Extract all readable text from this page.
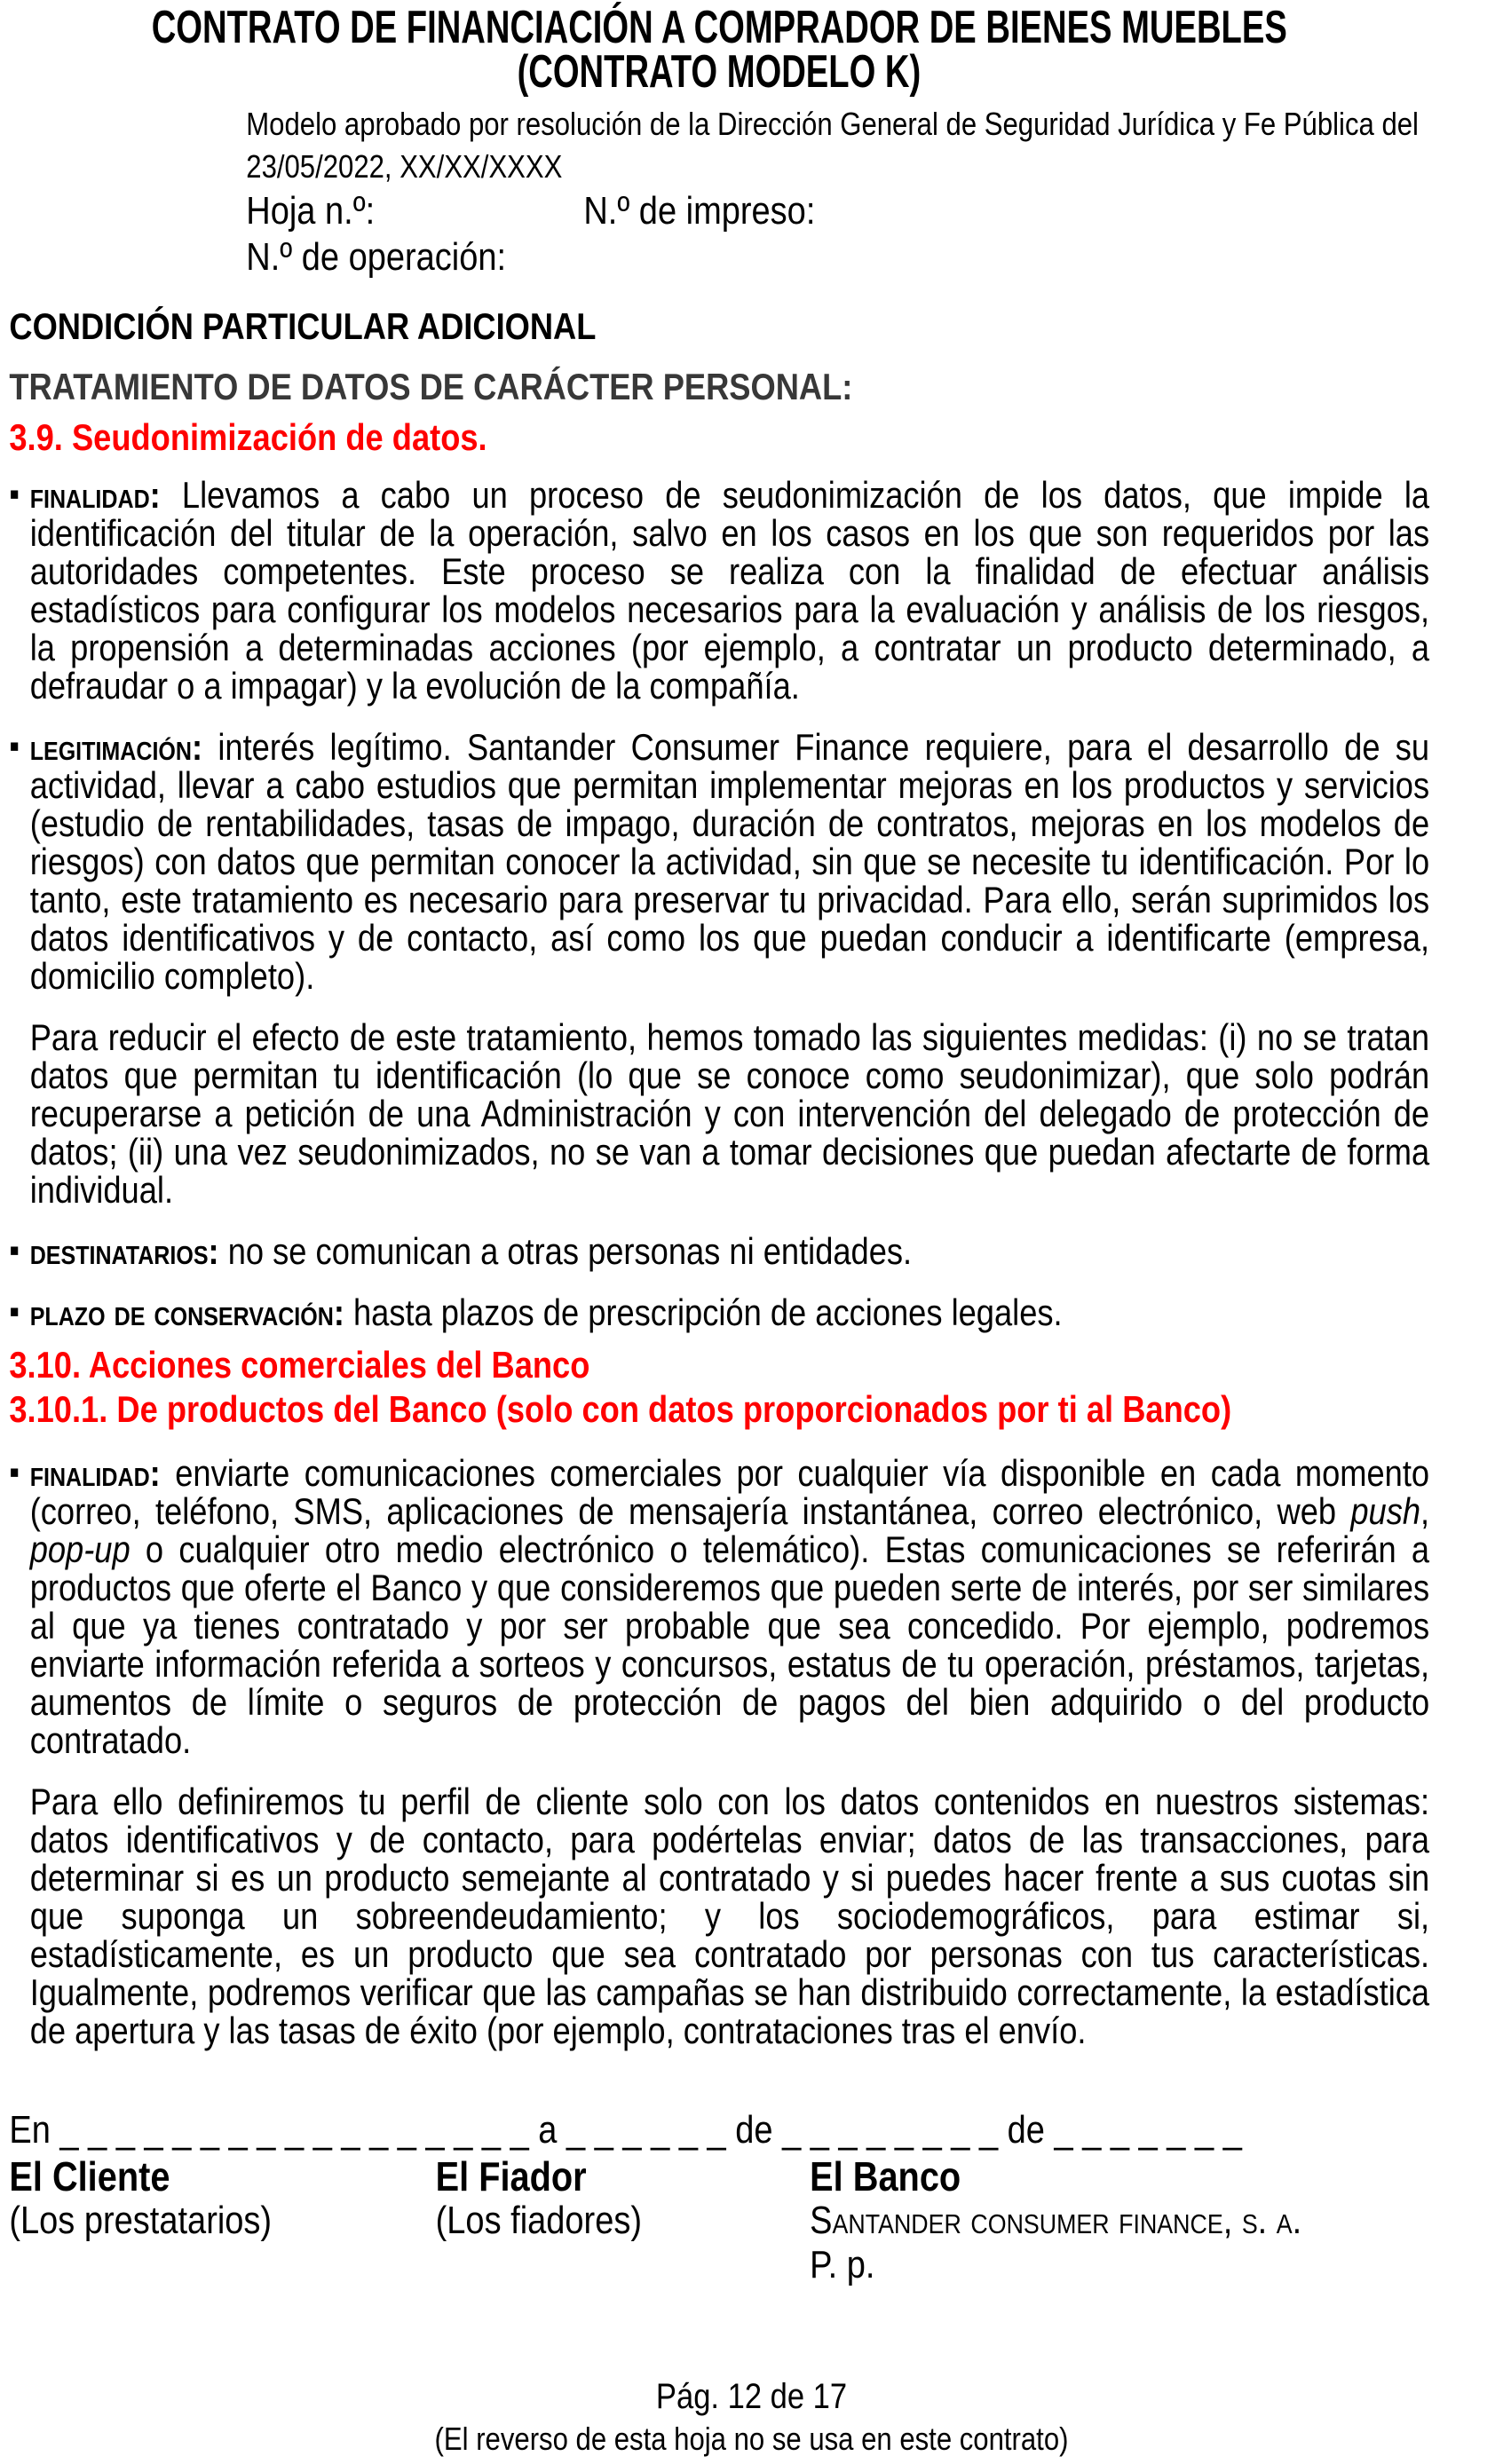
CONTRATO DE FINANCIACIÓN A COMPRADOR DE BIENES MUEBLES
(CONTRATO MODELO K)
Modelo aprobado por resolución de la Dirección General de Seguridad Jurídica y Fe Pública del 23/05/2022, XX/XX/XXXX
Hoja n.º:	N.º de impreso:
N.º de operación:
CONDICIÓN PARTICULAR ADICIONAL
TRATAMIENTO DE DATOS DE CARÁCTER PERSONAL:
3.9. Seudonimización de datos.
▪ finalidad: Llevamos a cabo un proceso de seudonimización de los datos, que impide la identificación del titular de la operación, salvo en los casos en los que son requeridos por las autoridades competentes. Este proceso se realiza con la finalidad de efectuar análisis estadísticos para configurar los modelos necesarios para la evaluación y análisis de los riesgos, la propensión a determinadas acciones (por ejemplo, a contratar un producto determinado, a defraudar o a impagar) y la evolución de la compañía.
▪ legitimación: interés legítimo. Santander Consumer Finance requiere, para el desarrollo de su actividad, llevar a cabo estudios que permitan implementar mejoras en los productos y servicios (estudio de rentabilidades, tasas de impago, duración de contratos, mejoras en los modelos de riesgos) con datos que permitan conocer la actividad, sin que se necesite tu identificación. Por lo tanto, este tratamiento es necesario para preservar tu privacidad. Para ello, serán suprimidos los datos identificativos y de contacto, así como los que puedan conducir a identificarte (empresa, domicilio completo).
Para reducir el efecto de este tratamiento, hemos tomado las siguientes medidas: (i) no se tratan datos que permitan tu identificación (lo que se conoce como seudonimizar), que solo podrán recuperarse a petición de una Administración y con intervención del delegado de protección de datos; (ii) una vez seudonimizados, no se van a tomar decisiones que puedan afectarte de forma individual.
▪ destinatarios: no se comunican a otras personas ni entidades.
▪ plazo de conservación: hasta plazos de prescripción de acciones legales.
3.10. Acciones comerciales del Banco
3.10.1. De productos del Banco (solo con datos proporcionados por ti al Banco)
▪ finalidad: enviarte comunicaciones comerciales por cualquier vía disponible en cada momento (correo, teléfono, SMS, aplicaciones de mensajería instantánea, correo electrónico, web push, pop-up o cualquier otro medio electrónico o telemático). Estas comunicaciones se referirán a productos que oferte el Banco y que consideremos que pueden serte de interés, por ser similares al que ya tienes contratado y por ser probable que sea concedido. Por ejemplo, podremos enviarte información referida a sorteos y concursos, estatus de tu operación, préstamos, tarjetas, aumentos de límite o seguros de protección de pagos del bien adquirido o del producto contratado.
Para ello definiremos tu perfil de cliente solo con los datos contenidos en nuestros sistemas: datos identificativos y de contacto, para podértelas enviar; datos de las transacciones, para determinar si es un producto semejante al contratado y si puedes hacer frente a sus cuotas sin que suponga un sobreendeudamiento; y los sociodemográficos, para estimar si, estadísticamente, es un producto que sea contratado por personas con tus características. Igualmente, podremos verificar que las campañas se han distribuido correctamente, la estadística de apertura y las tasas de éxito (por ejemplo, contrataciones tras el envío.
En _ _ _ _ _ _ _ _ _ _ _ _ _ _ _ _ _ a _ _ _ _ _ _ de _ _ _ _ _ _ _ _ de _ _ _ _ _ _ _
El Cliente
(Los prestatarios)
El Fiador
(Los fiadores)
El Banco
Santander consumer finance, s. a.
P. p.
Pág. 12 de 17
(El reverso de esta hoja no se usa en este contrato)
